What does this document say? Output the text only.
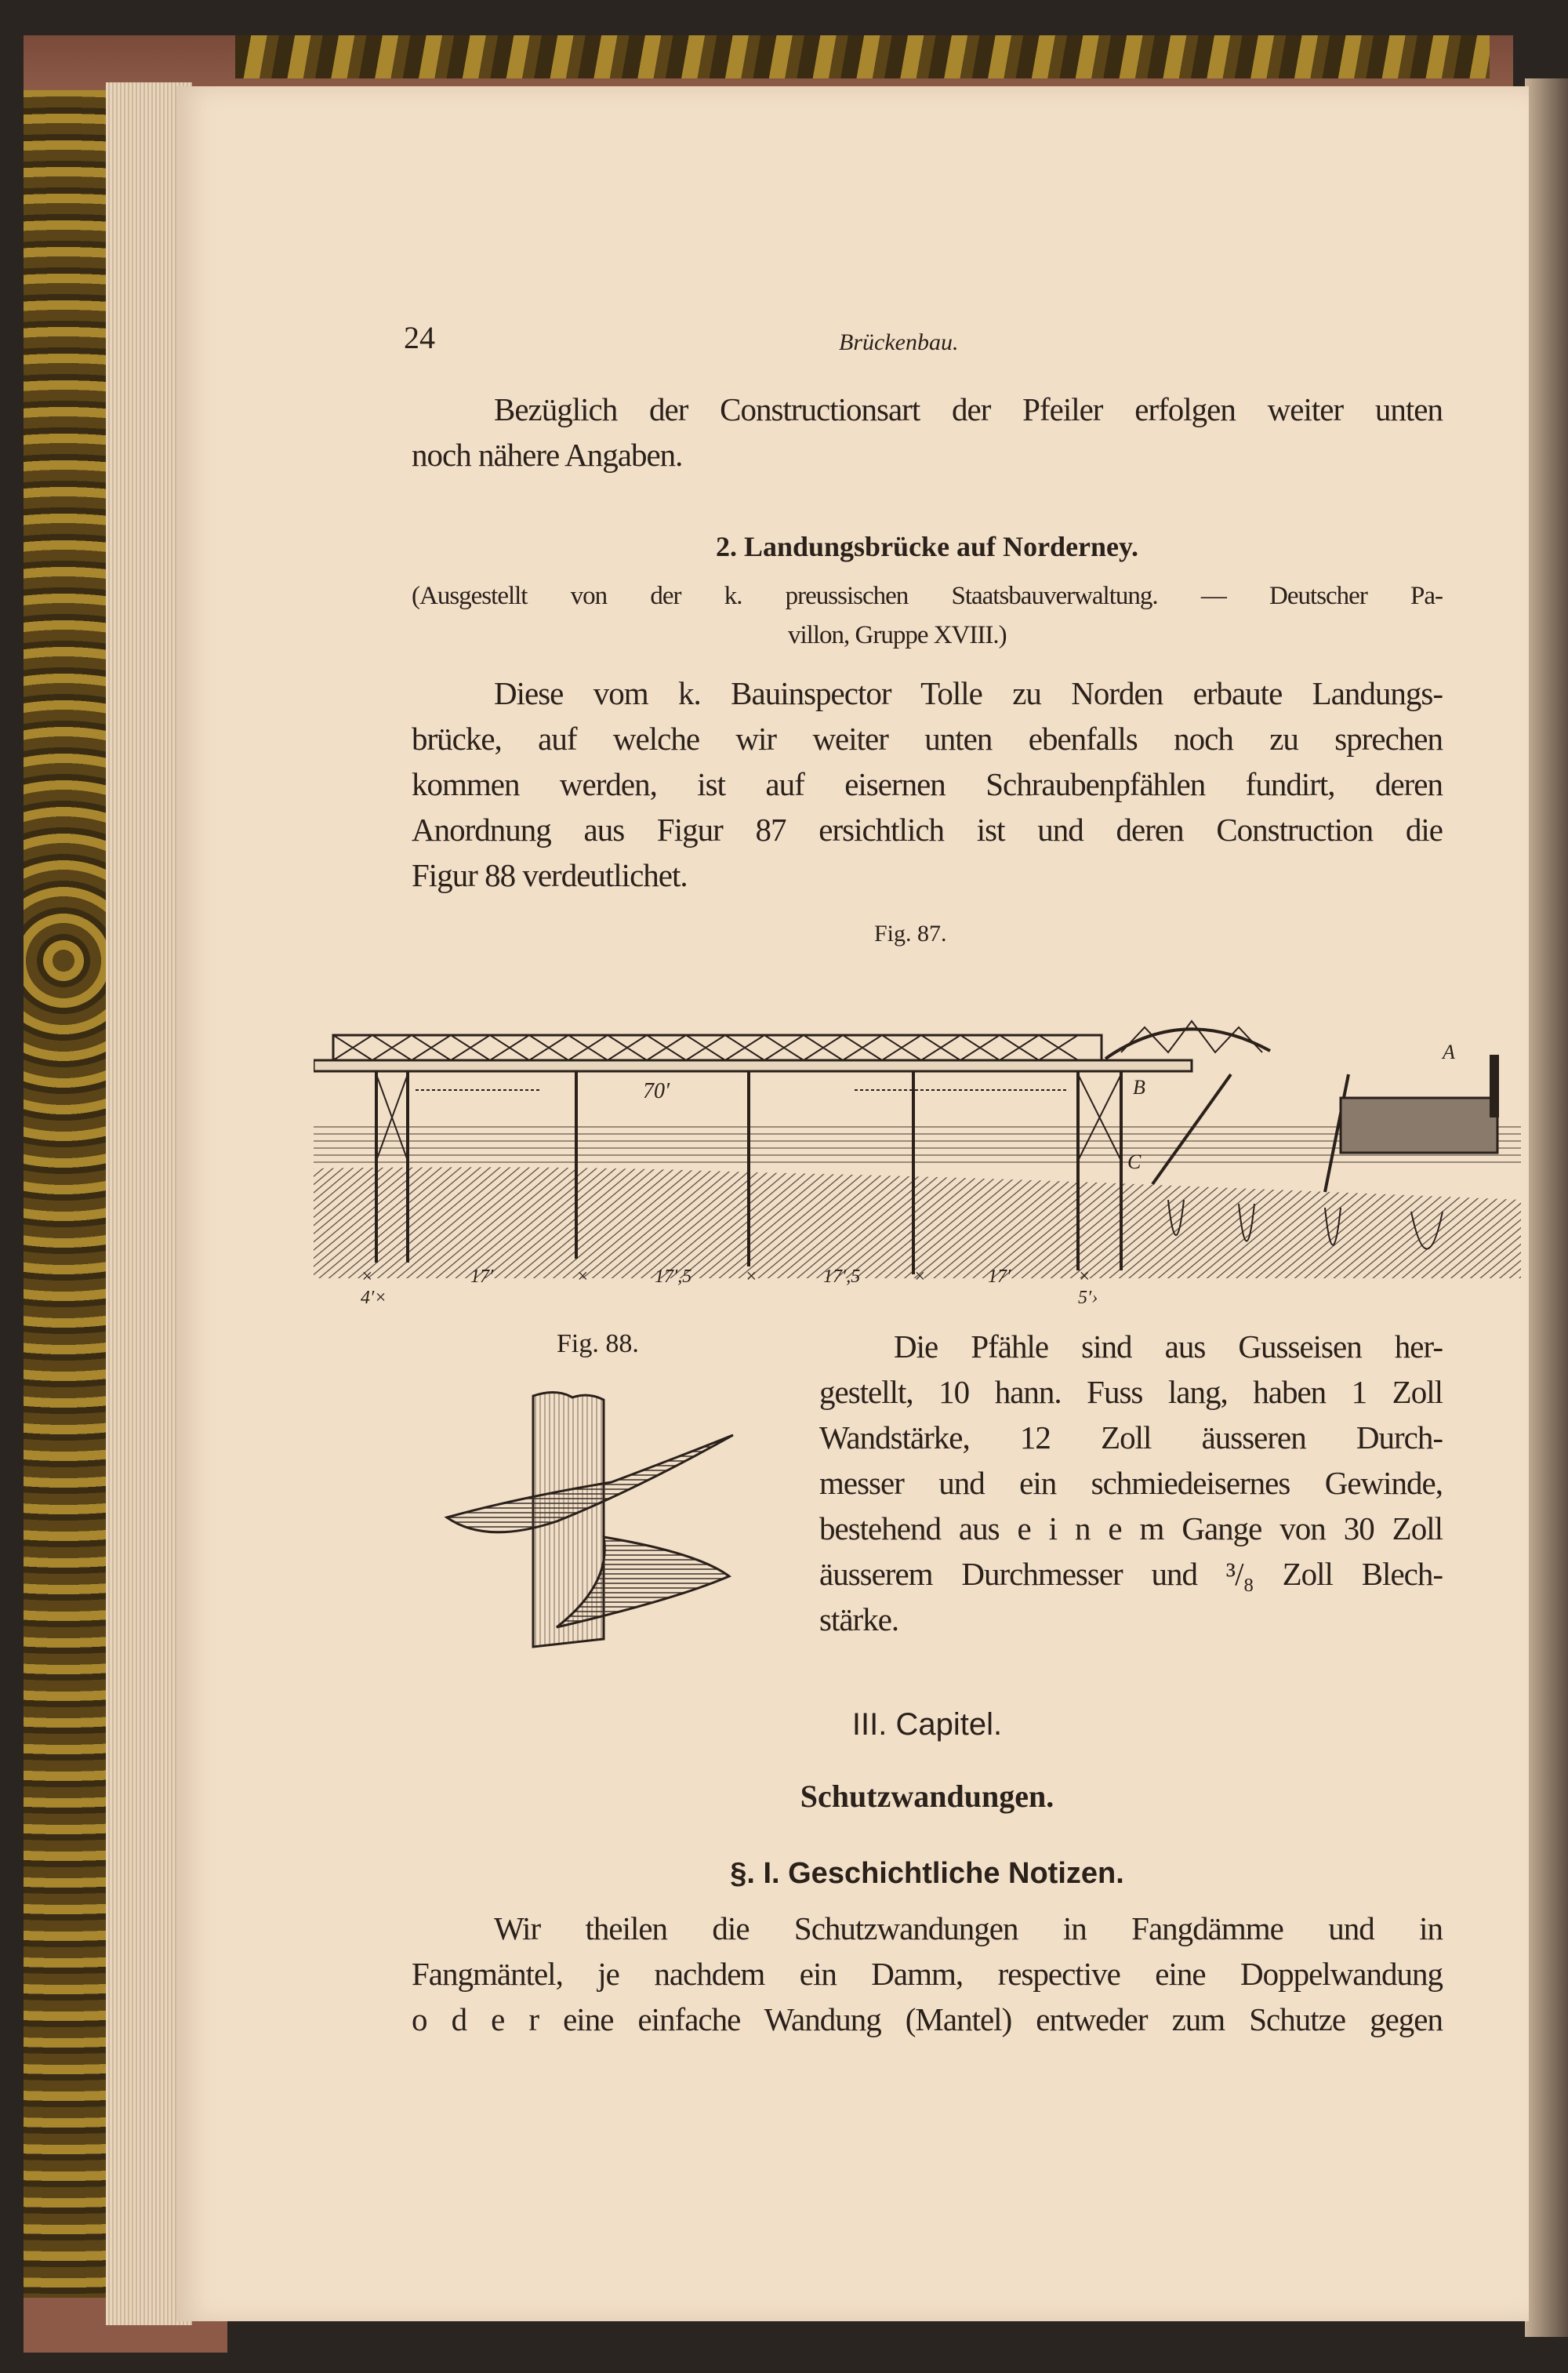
24	Brückenbau.
Bezüglich der Constructionsart der Pfeiler erfolgen weiter unten
noch nähere Angaben.
2. Landungsbrücke auf Norderney.
(Ausgestellt von der k. preussischen Staatsbauverwaltung. — Deutscher Pa-
villon, Gruppe XVIII.)
Diese vom k. Bauinspector Tolle zu Norden erbaute Landungs-
brücke, auf welche wir weiter unten ebenfalls noch zu sprechen
kommen werden, ist auf eisernen Schraubenpfählen fundirt, deren
Anordnung aus Figur 87 ersichtlich ist und deren Construction die
Figur 88 verdeutlichet.
Fig. 87.
70′	B
A
C
× 4′×
17′	×	17′,5	×	17′,5	×	17′	× 5′›
Fig. 88.	Die Pfähle sind aus Gusseisen her-
gestellt, 10 hann. Fuss lang, haben 1 Zoll
Wandstärke, 12 Zoll äusseren Durch-
messer und ein schmiedeisernes Gewinde,
bestehend aus e i n e m Gange von 30 Zoll
äusserem Durchmesser und ³/₈ Zoll Blech-
stärke.
III. Capitel.
Schutzwandungen.
§. I. Geschichtliche Notizen.
Wir theilen die Schutzwandungen in Fangdämme und in
Fangmäntel, je nachdem ein Damm, respective eine Doppelwandung
o d e r eine einfache Wandung (Mantel) entweder zum Schutze gegen
